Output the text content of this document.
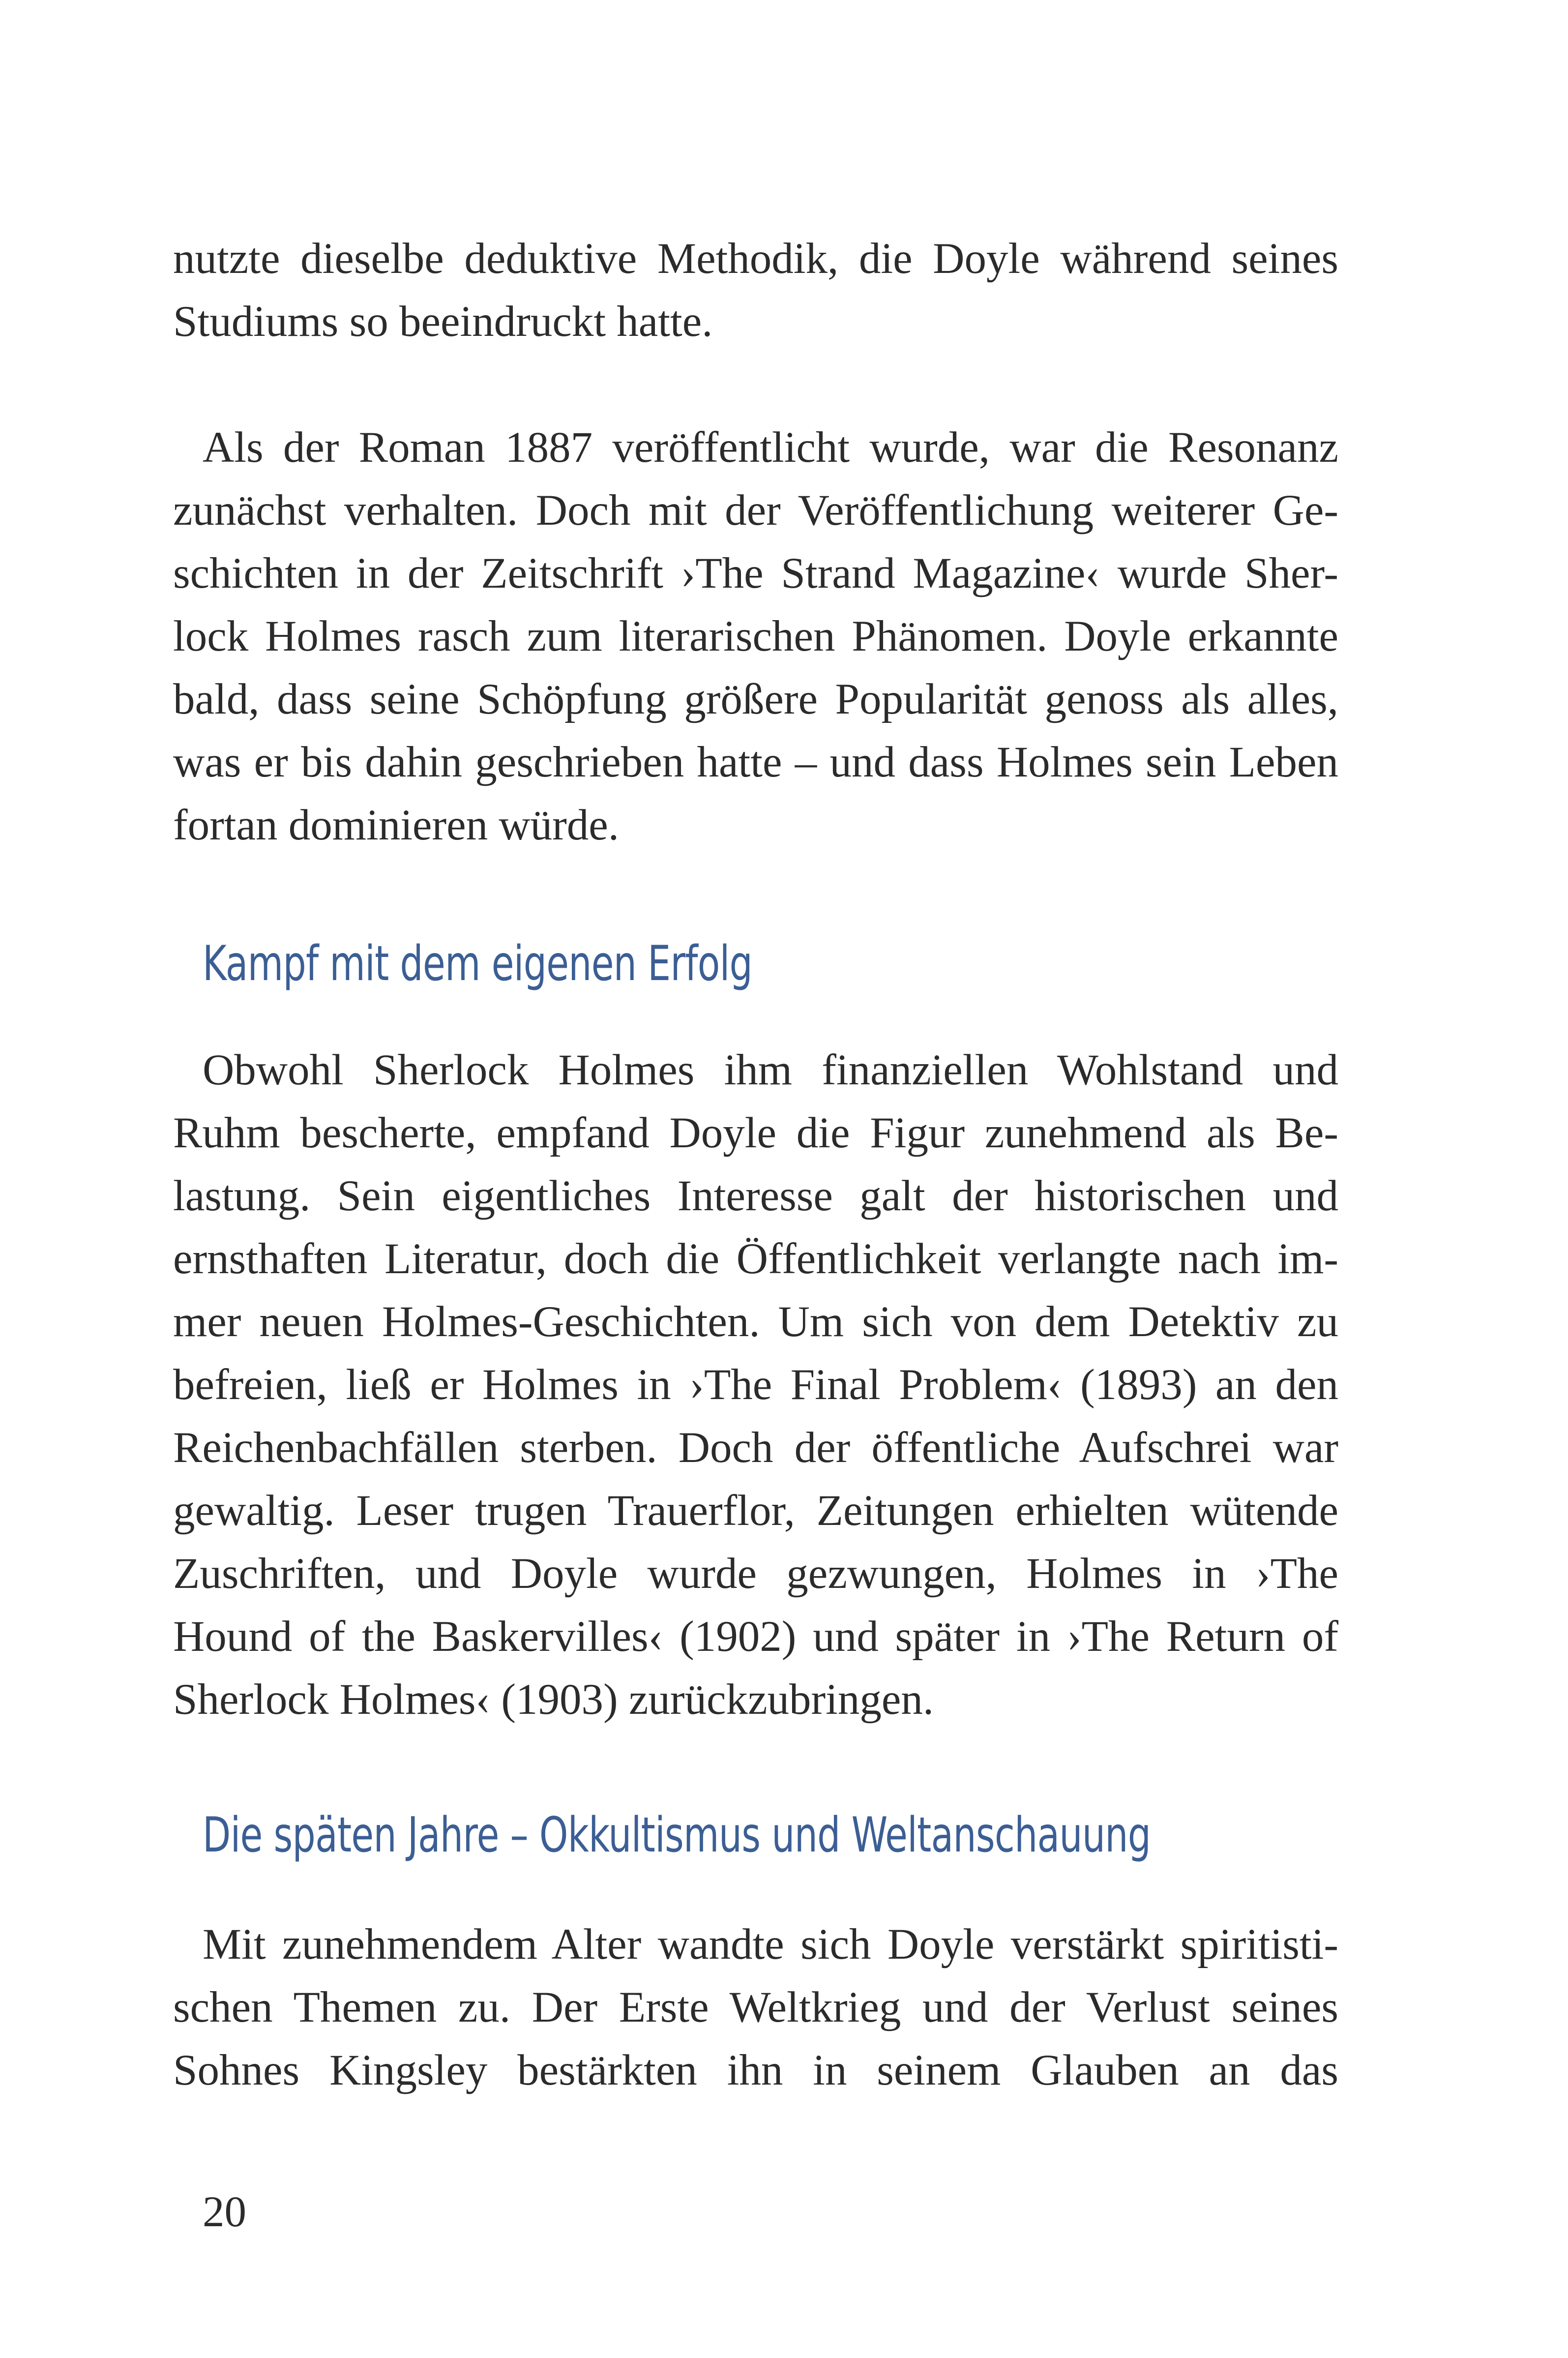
nutzte dieselbe deduktive Methodik, die Doyle während seines
Studiums so beeindruckt hatte.
Als der Roman 1887 veröffentlicht wurde, war die Resonanz
zunächst verhalten. Doch mit der Veröffentlichung weiterer Ge-
schichten in der Zeitschrift ›The Strand Magazine‹ wurde Sher-
lock Holmes rasch zum literarischen Phänomen. Doyle erkannte
bald, dass seine Schöpfung größere Popularität genoss als alles,
was er bis dahin geschrieben hatte – und dass Holmes sein Leben
fortan dominieren würde.
Kampf mit dem eigenen Erfolg
Obwohl Sherlock Holmes ihm finanziellen Wohlstand und
Ruhm bescherte, empfand Doyle die Figur zunehmend als Be-
lastung. Sein eigentliches Interesse galt der historischen und
ernsthaften Literatur, doch die Öffentlichkeit verlangte nach im-
mer neuen Holmes-Geschichten. Um sich von dem Detektiv zu
befreien, ließ er Holmes in ›The Final Problem‹ (1893) an den
Reichenbachfällen sterben. Doch der öffentliche Aufschrei war
gewaltig. Leser trugen Trauerflor, Zeitungen erhielten wütende
Zuschriften, und Doyle wurde gezwungen, Holmes in ›The
Hound of the Baskervilles‹ (1902) und später in ›The Return of
Sherlock Holmes‹ (1903) zurückzubringen.
Die späten Jahre – Okkultismus und Weltanschauung
Mit zunehmendem Alter wandte sich Doyle verstärkt spiritisti-
schen Themen zu. Der Erste Weltkrieg und der Verlust seines
Sohnes Kingsley bestärkten ihn in seinem Glauben an das
20
